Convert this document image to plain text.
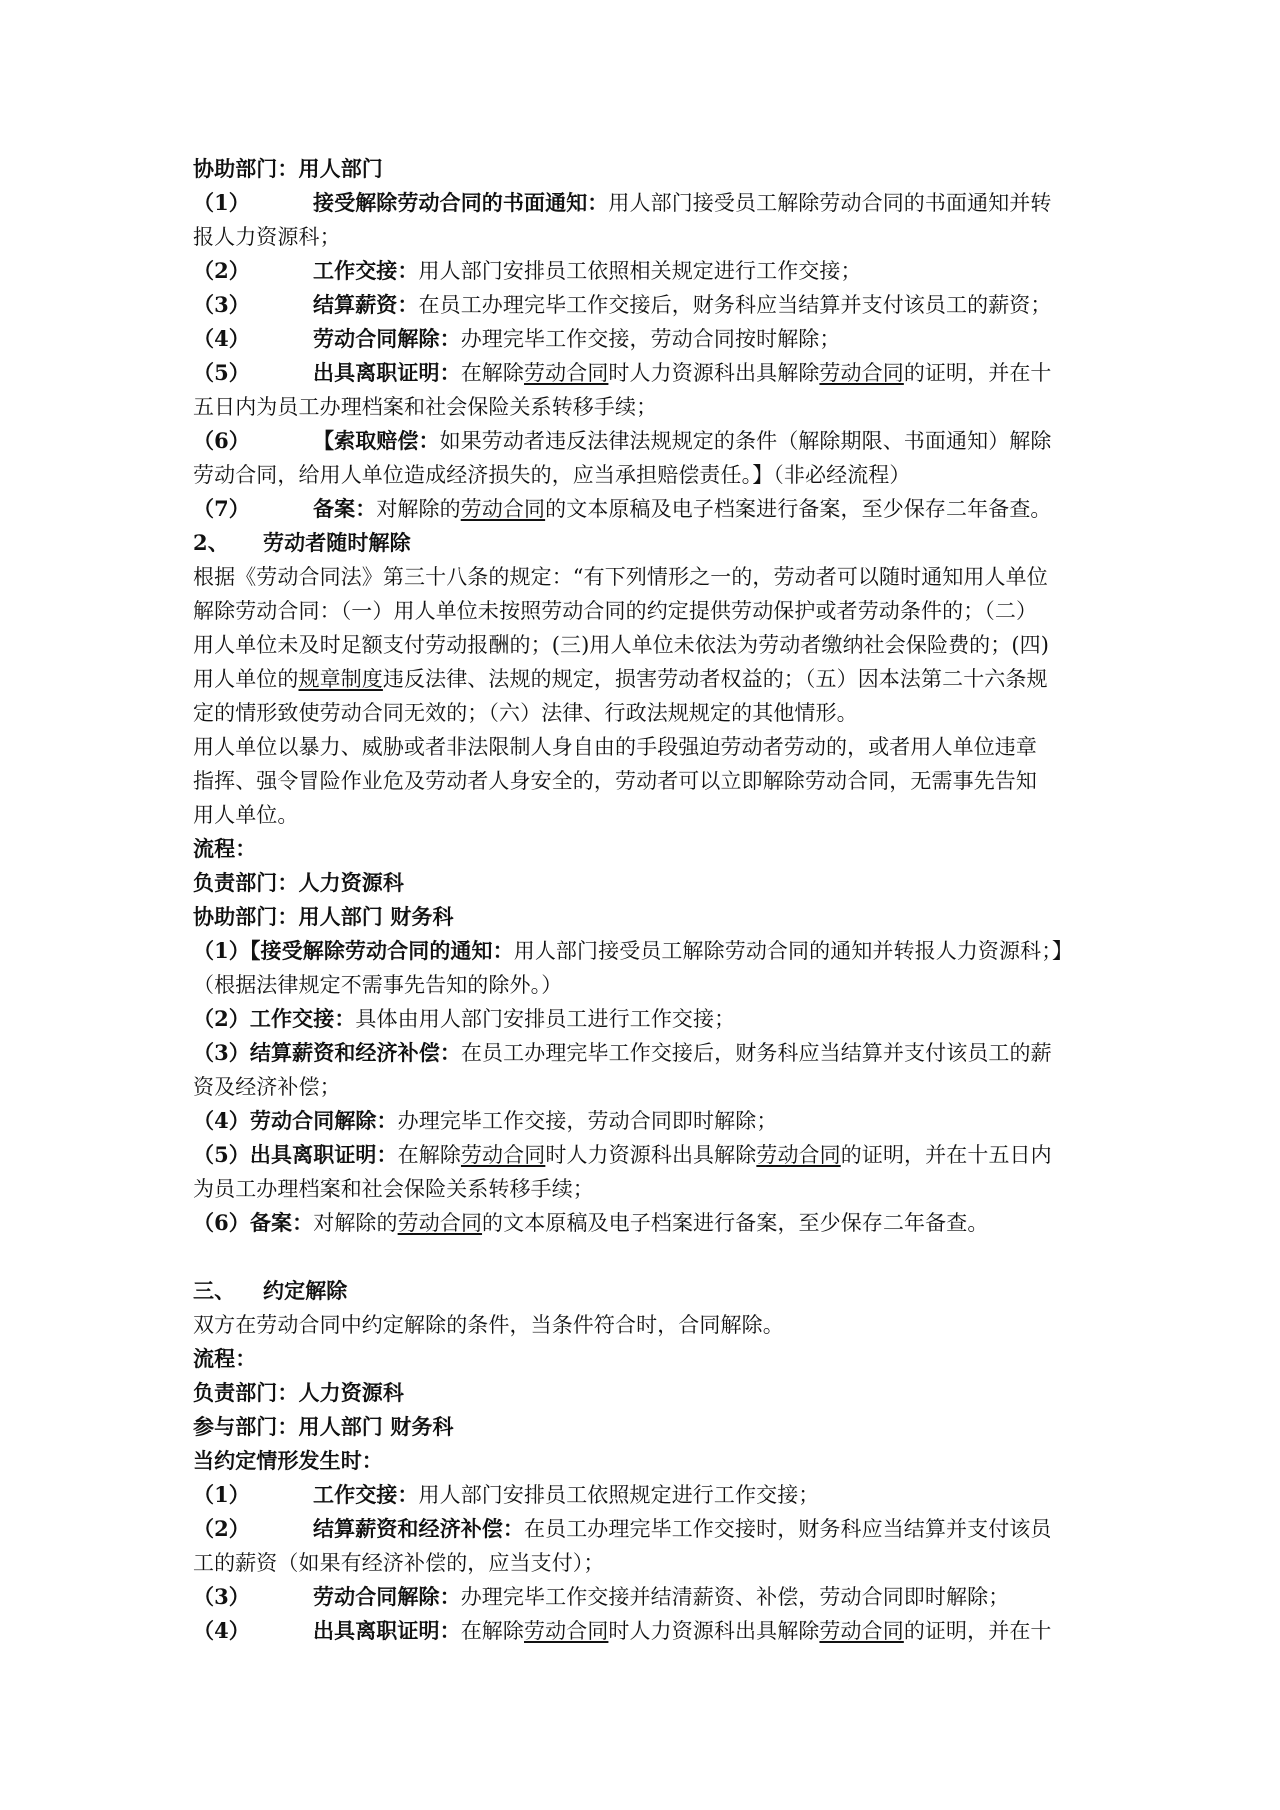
协助部门：用人部门
（1）	接受解除劳动合同的书面通知：用人部门接受员工解除劳动合同的书面通知并转
报人力资源科；
（2）	工作交接：用人部门安排员工依照相关规定进行工作交接；
（3）	结算薪资：在员工办理完毕工作交接后，财务科应当结算并支付该员工的薪资；
（4）	劳动合同解除：办理完毕工作交接，劳动合同按时解除；
（5）	出具离职证明：在解除劳动合同时人力资源科出具解除劳动合同的证明，并在十
五日内为员工办理档案和社会保险关系转移手续；
（6）	【索取赔偿：如果劳动者违反法律法规规定的条件（解除期限、书面通知）解除
劳动合同，给用人单位造成经济损失的，应当承担赔偿责任。】（非必经流程）
（7）	备案：对解除的劳动合同的文本原稿及电子档案进行备案，至少保存二年备查。
2、 劳动者随时解除
根据《劳动合同法》第三十八条的规定：“有下列情形之一的，劳动者可以随时通知用人单位
解除劳动合同：（一）用人单位未按照劳动合同的约定提供劳动保护或者劳动条件的；（二）
用人单位未及时足额支付劳动报酬的；(三)用人单位未依法为劳动者缴纳社会保险费的；(四)
用人单位的规章制度违反法律、法规的规定，损害劳动者权益的；（五）因本法第二十六条规
定的情形致使劳动合同无效的；（六）法律、行政法规规定的其他情形。
用人单位以暴力、威胁或者非法限制人身自由的手段强迫劳动者劳动的，或者用人单位违章
指挥、强令冒险作业危及劳动者人身安全的，劳动者可以立即解除劳动合同，无需事先告知
用人单位。
流程：
负责部门：人力资源科
协助部门：用人部门 财务科
（1）【接受解除劳动合同的通知：用人部门接受员工解除劳动合同的通知并转报人力资源科；】
（根据法律规定不需事先告知的除外。）
（2）工作交接：具体由用人部门安排员工进行工作交接；
（3）结算薪资和经济补偿：在员工办理完毕工作交接后，财务科应当结算并支付该员工的薪
资及经济补偿；
（4）劳动合同解除：办理完毕工作交接，劳动合同即时解除；
（5）出具离职证明：在解除劳动合同时人力资源科出具解除劳动合同的证明，并在十五日内
为员工办理档案和社会保险关系转移手续；
（6）备案：对解除的劳动合同的文本原稿及电子档案进行备案，至少保存二年备查。
三、 约定解除
双方在劳动合同中约定解除的条件，当条件符合时，合同解除。
流程：
负责部门：人力资源科
参与部门：用人部门 财务科
当约定情形发生时：
（1）	工作交接：用人部门安排员工依照规定进行工作交接；
（2）	结算薪资和经济补偿：在员工办理完毕工作交接时，财务科应当结算并支付该员
工的薪资（如果有经济补偿的，应当支付）；
（3）	劳动合同解除：办理完毕工作交接并结清薪资、补偿，劳动合同即时解除；
（4）	出具离职证明：在解除劳动合同时人力资源科出具解除劳动合同的证明，并在十
